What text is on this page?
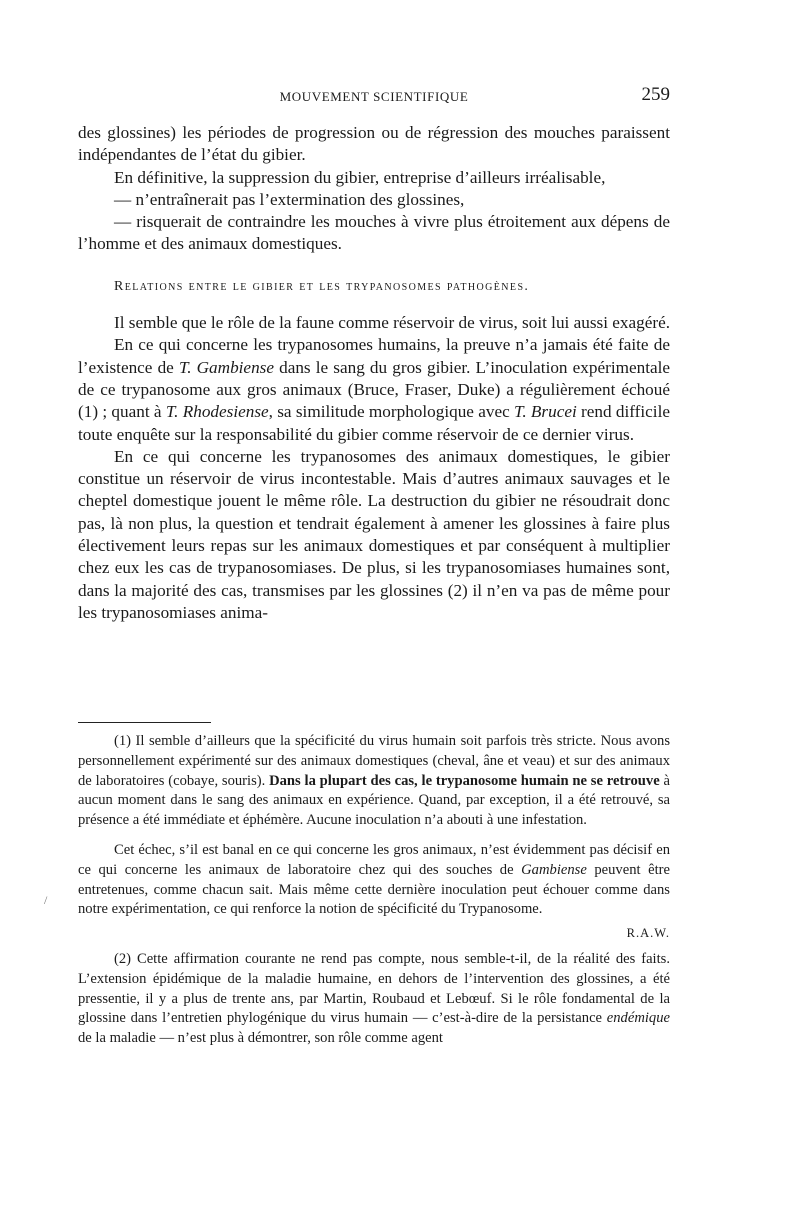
MOUVEMENT SCIENTIFIQUE	259

des glossines) les périodes de progression ou de régression des mouches paraissent indépendantes de l’état du gibier.

En définitive, la suppression du gibier, entreprise d’ailleurs irréalisable,

— n’entraînerait pas l’extermination des glossines,

— risquerait de contraindre les mouches à vivre plus étroitement aux dépens de l’homme et des animaux domestiques.

Relations entre le gibier et les trypanosomes pathogènes.

Il semble que le rôle de la faune comme réservoir de virus, soit lui aussi exagéré.

En ce qui concerne les trypanosomes humains, la preuve n’a jamais été faite de l’existence de T. Gambiense dans le sang du gros gibier. L’inoculation expérimentale de ce trypanosome aux gros animaux (Bruce, Fraser, Duke) a régulièrement échoué (1) ; quant à T. Rhodesiense, sa similitude morphologique avec T. Brucei rend difficile toute enquête sur la responsabilité du gibier comme réservoir de ce dernier virus.

En ce qui concerne les trypanosomes des animaux domestiques, le gibier constitue un réservoir de virus incontestable. Mais d’autres animaux sauvages et le cheptel domestique jouent le même rôle. La destruction du gibier ne résoudrait donc pas, là non plus, la question et tendrait également à amener les glossines à faire plus électivement leurs repas sur les animaux domestiques et par conséquent à multiplier chez eux les cas de trypanosomiases. De plus, si les trypanosomiases humaines sont, dans la majorité des cas, transmises par les glossines (2) il n’en va pas de même pour les trypanosomiases anima-

(1) Il semble d’ailleurs que la spécificité du virus humain soit parfois très stricte. Nous avons personnellement expérimenté sur des animaux domestiques (cheval, âne et veau) et sur des animaux de laboratoires (cobaye, souris). Dans la plupart des cas, le trypanosome humain ne se retrouve à aucun moment dans le sang des animaux en expérience. Quand, par exception, il a été retrouvé, sa présence a été immédiate et éphémère. Aucune inoculation n’a abouti à une infestation.

Cet échec, s’il est banal en ce qui concerne les gros animaux, n’est évidemment pas décisif en ce qui concerne les animaux de laboratoire chez qui des souches de Gambiense peuvent être entretenues, comme chacun sait. Mais même cette dernière inoculation peut échouer comme dans notre expérimentation, ce qui renforce la notion de spécificité du Trypanosome.

R.A.W.

(2) Cette affirmation courante ne rend pas compte, nous semble-t-il, de la réalité des faits. L’extension épidémique de la maladie humaine, en dehors de l’intervention des glossines, a été pressentie, il y a plus de trente ans, par Martin, Roubaud et Lebœuf. Si le rôle fondamental de la glossine dans l’entretien phylogénique du virus humain — c’est-à-dire de la persistance endémique de la maladie — n’est plus à démontrer, son rôle comme agent

/
